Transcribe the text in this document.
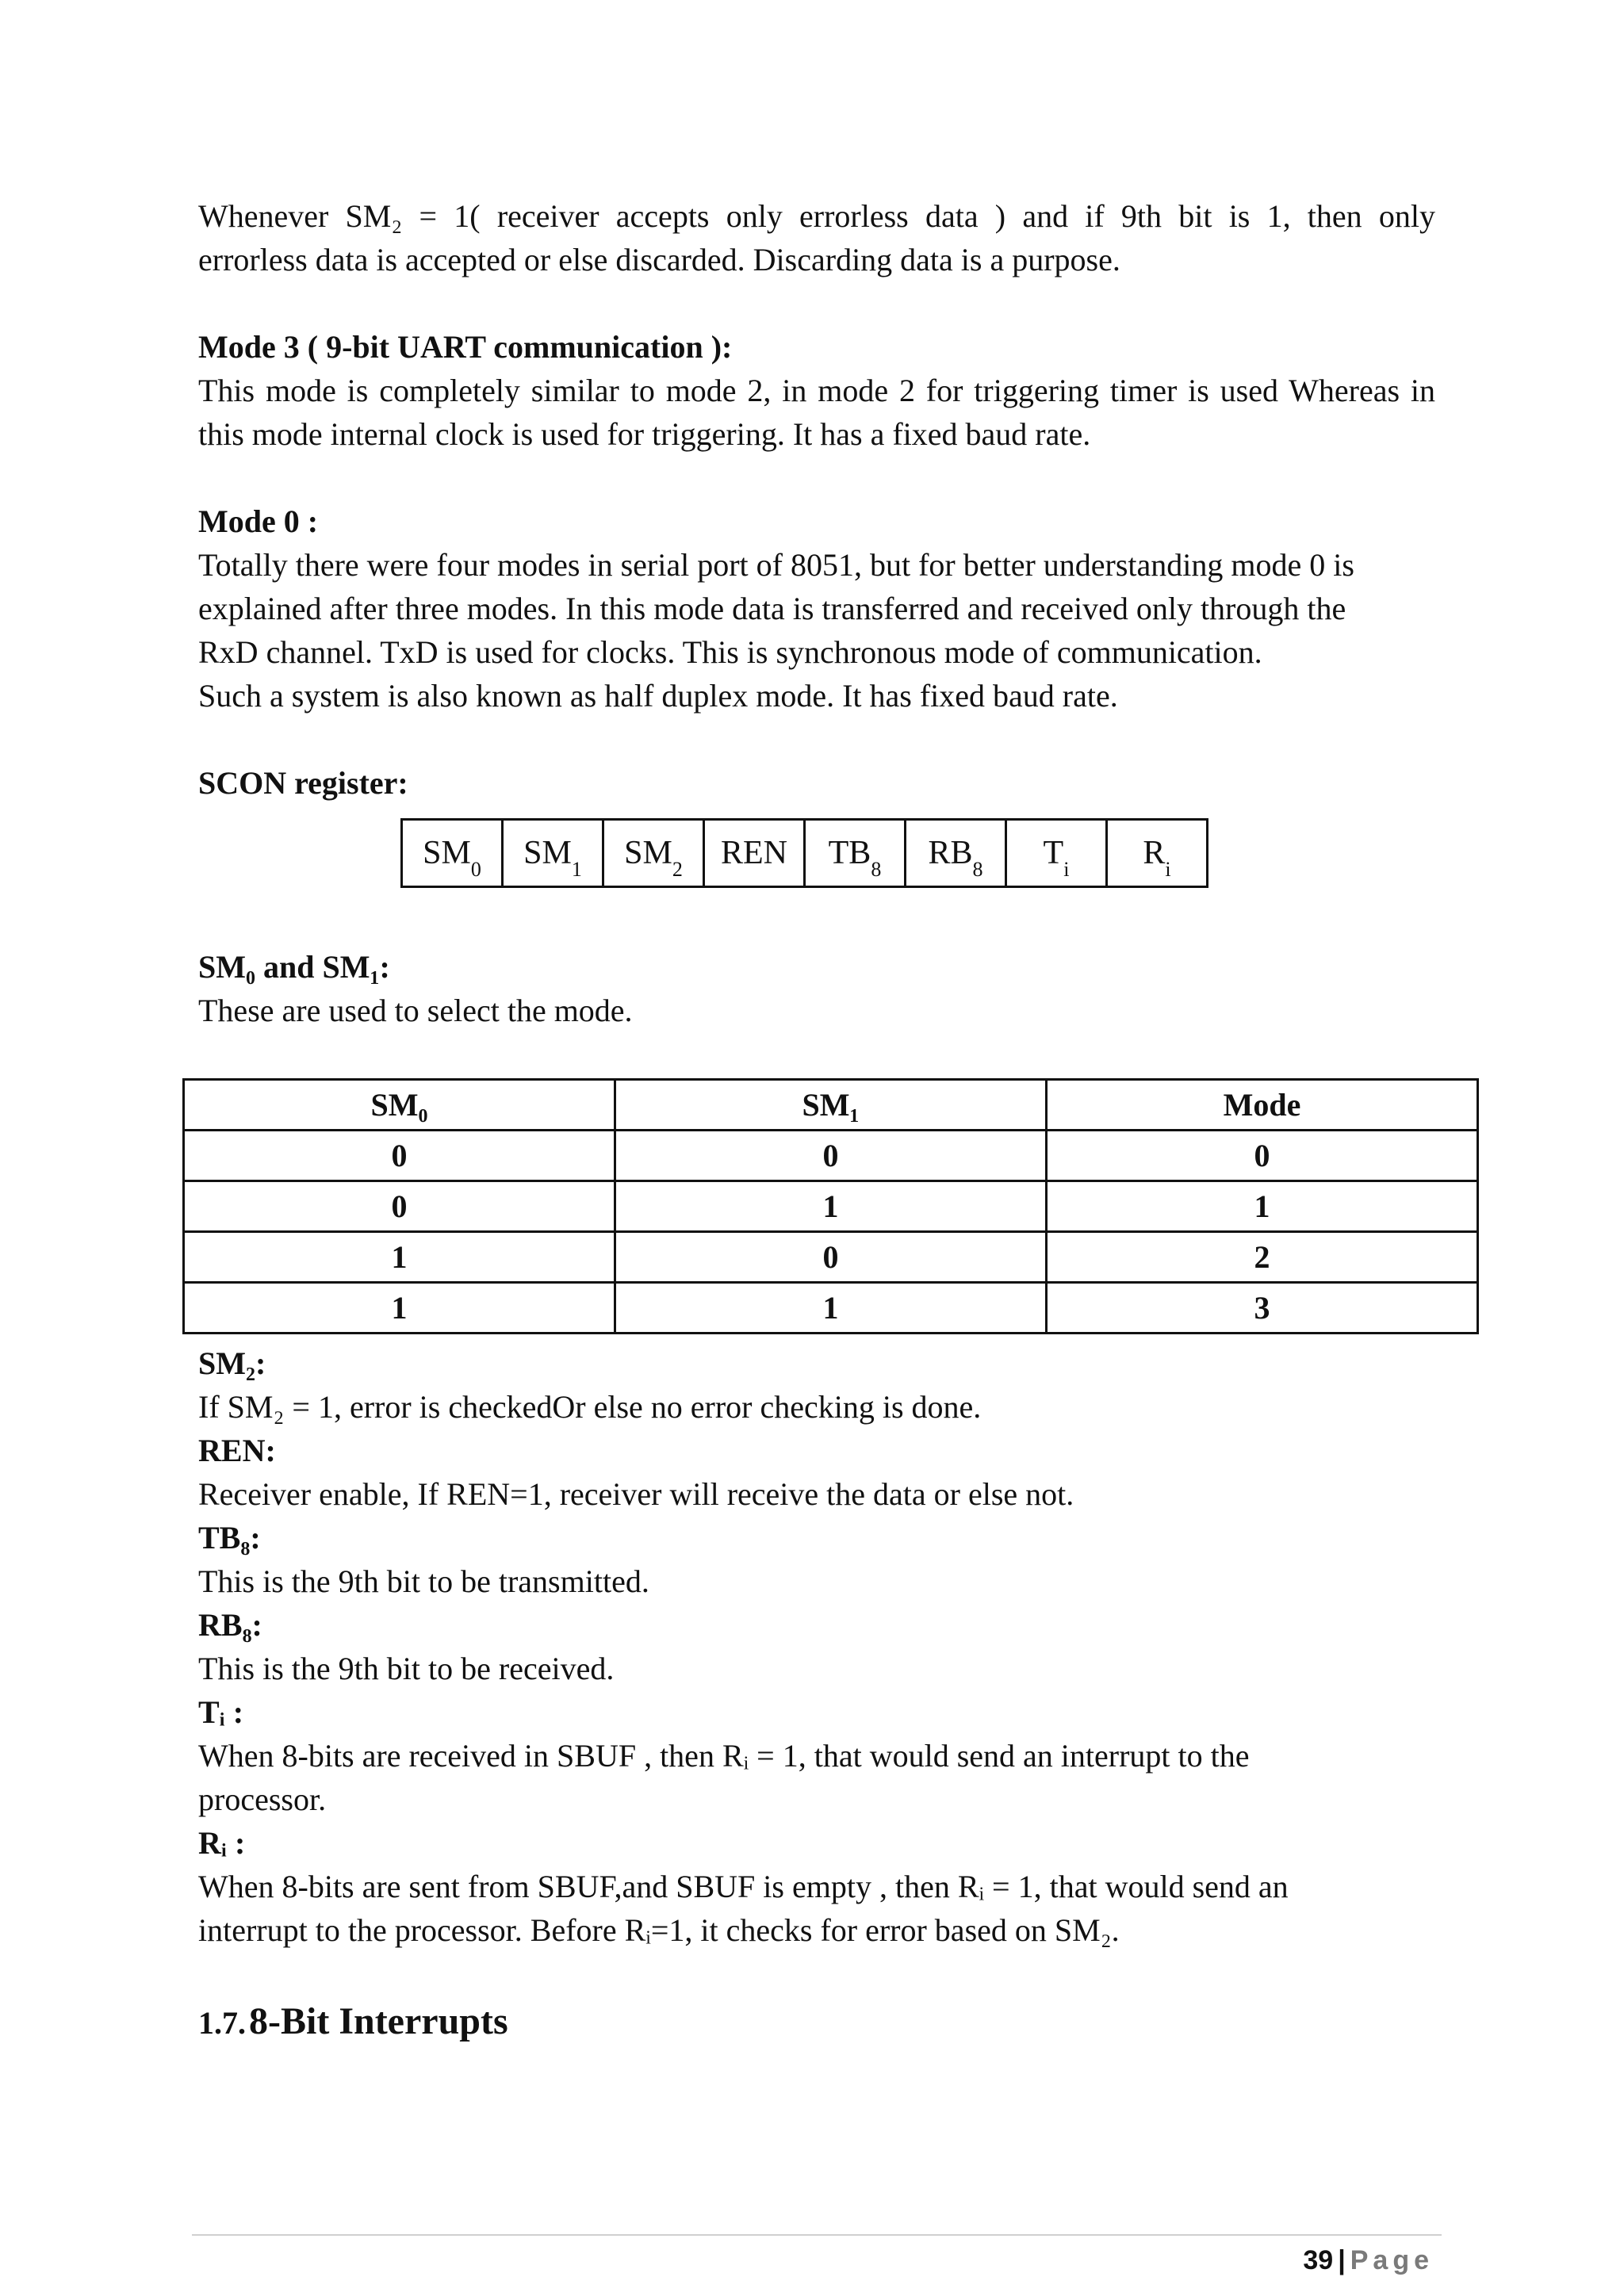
Whenever SM₂ = 1( receiver accepts only errorless data ) and if 9th bit is 1, then only

errorless data is accepted or else discarded. Discarding data is a purpose.

Mode 3 ( 9-bit UART communication ):

This mode is completely similar to mode 2, in mode 2 for triggering timer is used Whereas in

this mode internal clock is used for triggering. It has a fixed baud rate.

Mode 0 :

Totally there were four modes in serial port of 8051, but for better understanding mode 0 is

explained after three modes. In this mode data is transferred and received only through the

RxD channel. TxD is used for clocks. This is synchronous mode of communication.

Such a system is also known as half duplex mode. It has fixed baud rate.

SCON register:

$SM_0$	$SM_1$	$SM_2$	REN	$TB_8$	$RB_8$	$T_i$	$R_i$

SM₀ and SM₁:

These are used to select the mode.

SM₀	SM₁	Mode
0	0	0
0	1	1
1	0	2
1	1	3

SM₂:

If SM₂ = 1, error is checkedOr else no error checking is done.

REN:

Receiver enable, If REN=1, receiver will receive the data or else not.

TB₈:

This is the 9th bit to be transmitted.

RB₈:

This is the 9th bit to be received.

Tᵢ :

When 8-bits are received in SBUF , then Rᵢ = 1, that would send an interrupt to the

processor.

Rᵢ :

When 8-bits are sent from SBUF,and SBUF is empty , then Rᵢ = 1, that would send an

interrupt to the processor. Before Rᵢ=1, it checks for error based on SM₂.

1.7. 8-Bit Interrupts

39 | Page
